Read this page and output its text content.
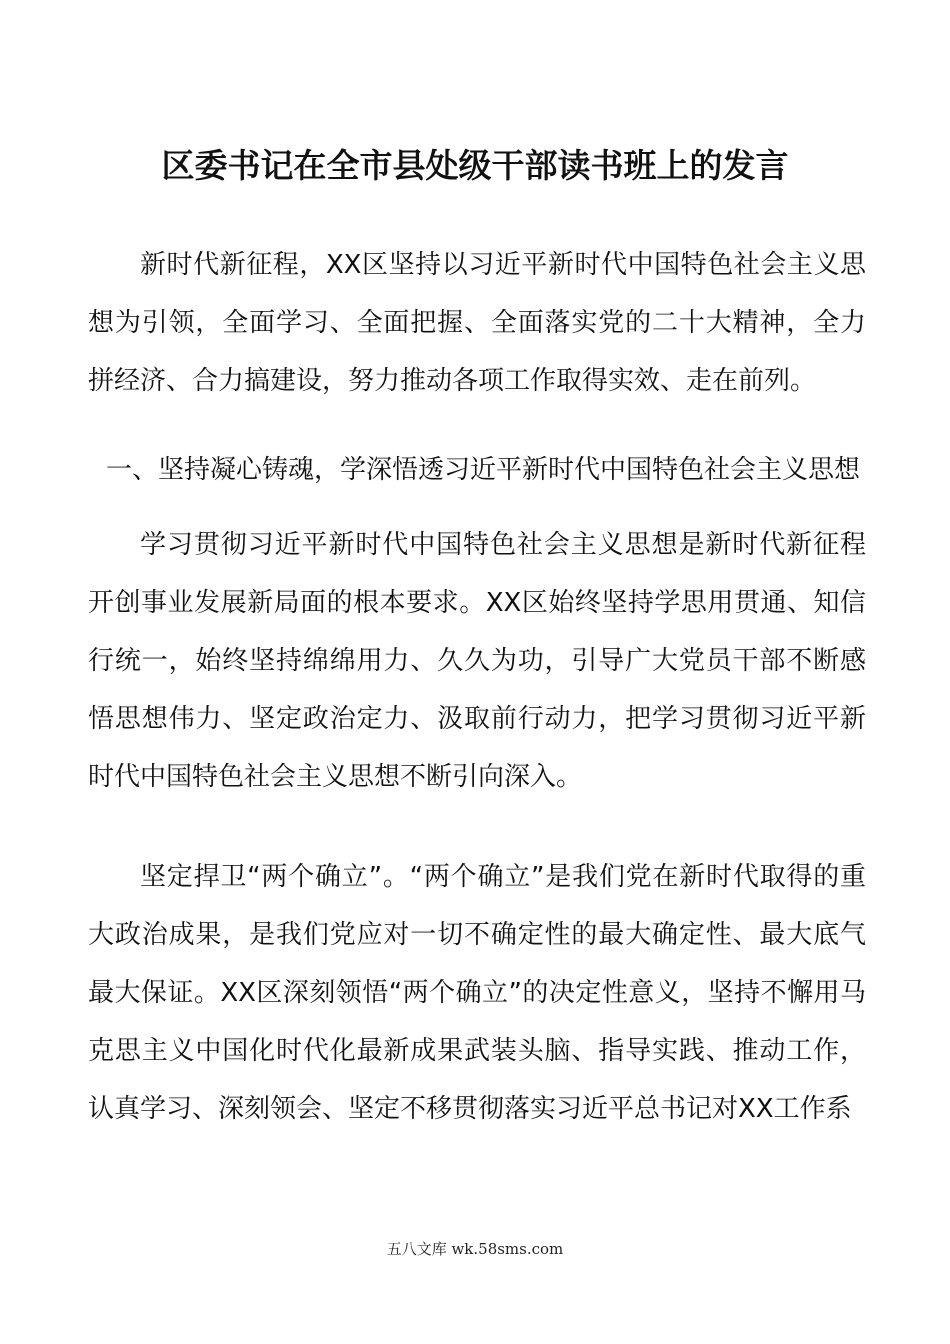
区委书记在全市县处级干部读书班上的发言

新时代新征程，XX区坚持以习近平新时代中国特色社会主义思想为引领，全面学习、全面把握、全面落实党的二十大精神，全力拼经济、合力搞建设，努力推动各项工作取得实效、走在前列。

一、坚持凝心铸魂，学深悟透习近平新时代中国特色社会主义思想

学习贯彻习近平新时代中国特色社会主义思想是新时代新征程开创事业发展新局面的根本要求。XX区始终坚持学思用贯通、知信行统一，始终坚持绵绵用力、久久为功，引导广大党员干部不断感悟思想伟力、坚定政治定力、汲取前行动力，把学习贯彻习近平新时代中国特色社会主义思想不断引向深入。

坚定捍卫“两个确立”。“两个确立”是我们党在新时代取得的重大政治成果，是我们党应对一切不确定性的最大确定性、最大底气最大保证。XX区深刻领悟“两个确立”的决定性意义，坚持不懈用马克思主义中国化时代化最新成果武装头脑、指导实践、推动工作，认真学习、深刻领会、坚定不移贯彻落实习近平总书记对XX工作系

五八文库 wk.58sms.com
